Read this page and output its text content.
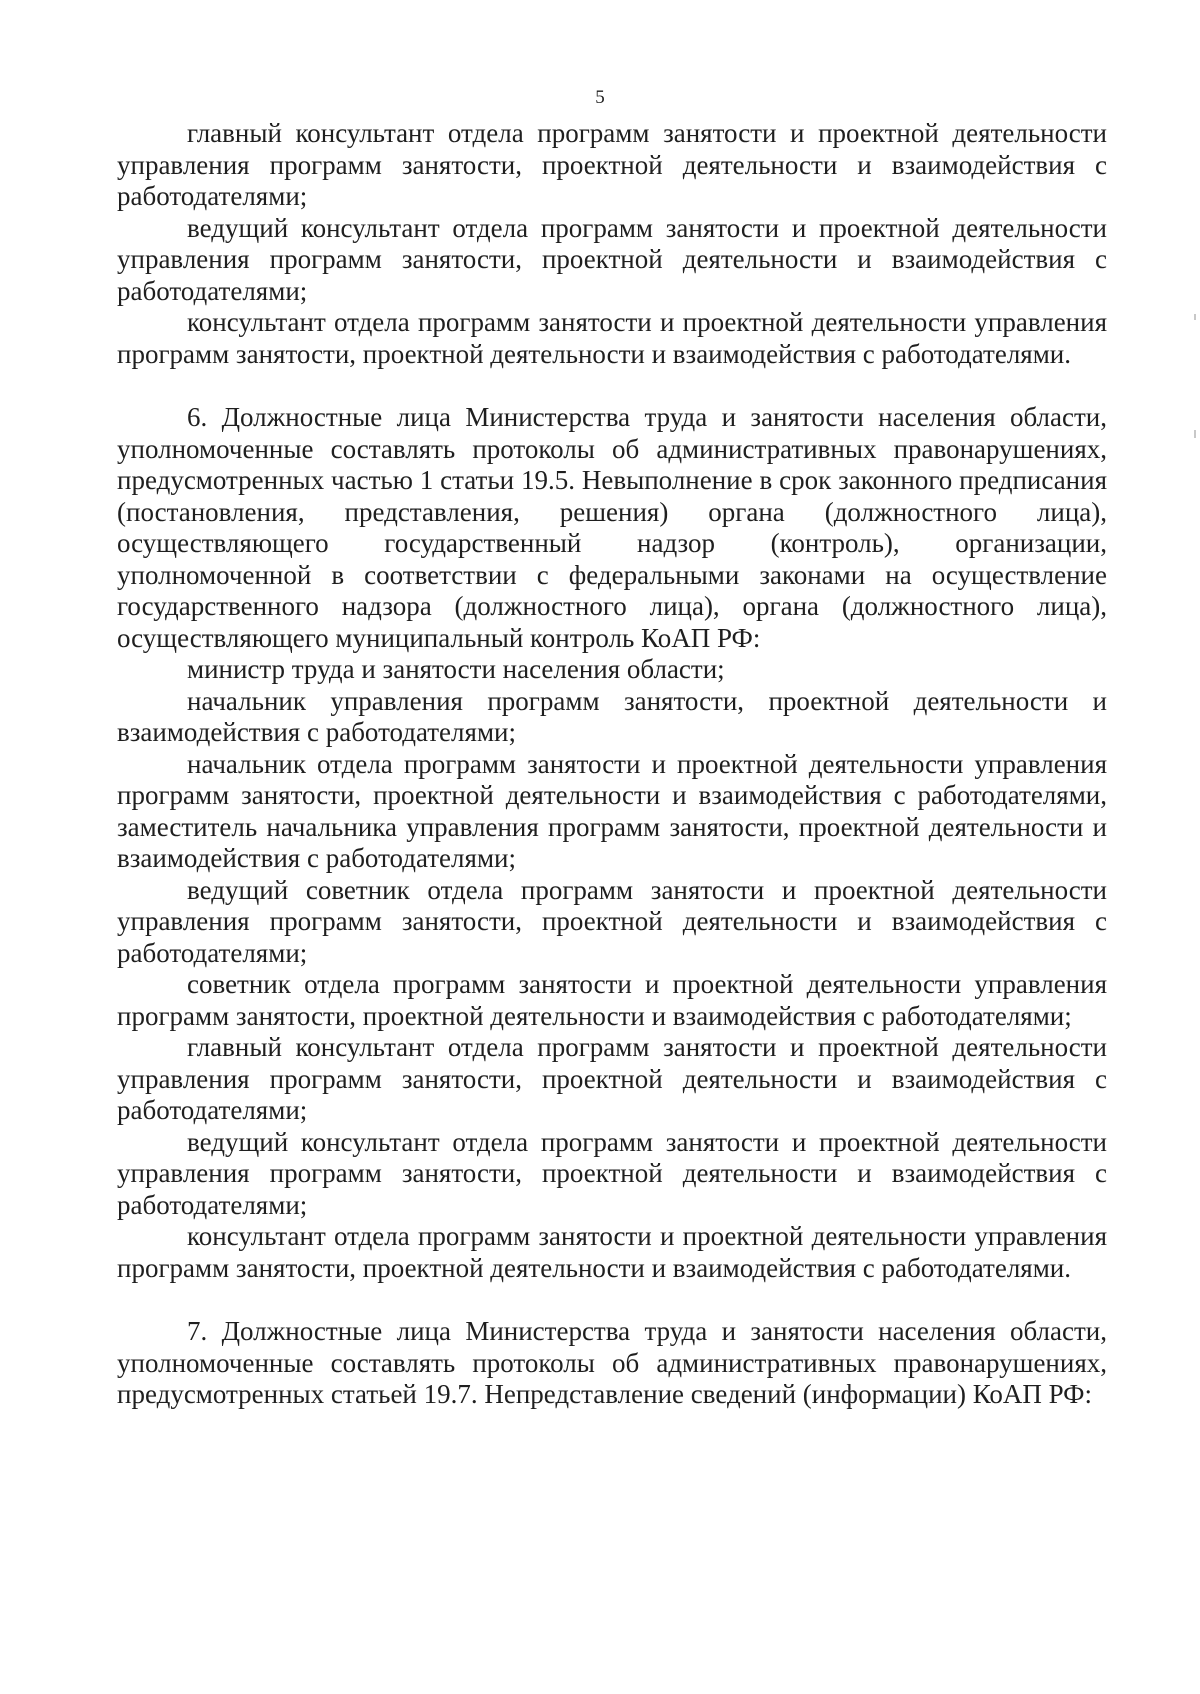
5

главный консультант отдела программ занятости и проектной деятельности управления программ занятости, проектной деятельности и взаимодействия с работодателями;

ведущий консультант отдела программ занятости и проектной деятельности управления программ занятости, проектной деятельности и взаимодействия с работодателями;

консультант отдела программ занятости и проектной деятельности управления программ занятости, проектной деятельности и взаимодействия с работодателями.

6. Должностные лица Министерства труда и занятости населения области, уполномоченные составлять протоколы об административных правонарушениях, предусмотренных частью 1 статьи 19.5. Невыполнение в срок законного предписания (постановления, представления, решения) органа (должностного лица), осуществляющего государственный надзор (контроль), организации, уполномоченной в соответствии с федеральными законами на осуществление государственного надзора (должностного лица), органа (должностного лица), осуществляющего муниципальный контроль КоАП РФ:

министр труда и занятости населения области;

начальник управления программ занятости, проектной деятельности и взаимодействия с работодателями;

начальник отдела программ занятости и проектной деятельности управления программ занятости, проектной деятельности и взаимодействия с работодателями, заместитель начальника управления программ занятости, проектной деятельности и взаимодействия с работодателями;

ведущий советник отдела программ занятости и проектной деятельности управления программ занятости, проектной деятельности и взаимодействия с работодателями;

советник отдела программ занятости и проектной деятельности управления программ занятости, проектной деятельности и взаимодействия с работодателями;

главный консультант отдела программ занятости и проектной деятельности управления программ занятости, проектной деятельности и взаимодействия с работодателями;

ведущий консультант отдела программ занятости и проектной деятельности управления программ занятости, проектной деятельности и взаимодействия с работодателями;

консультант отдела программ занятости и проектной деятельности управления программ занятости, проектной деятельности и взаимодействия с работодателями.

7. Должностные лица Министерства труда и занятости населения области, уполномоченные составлять протоколы об административных правонарушениях, предусмотренных статьей 19.7. Непредставление сведений (информации) КоАП РФ:
